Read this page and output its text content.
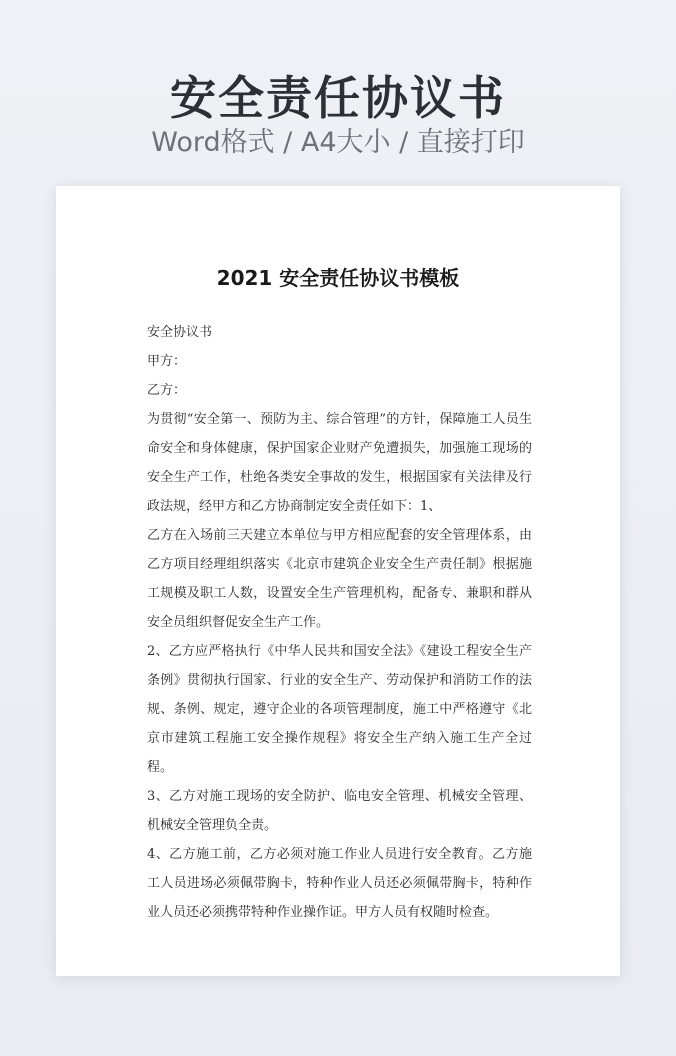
安全责任协议书
Word格式 / A4大小 / 直接打印
2021 安全责任协议书模板

安全协议书

甲方：

乙方：

为贯彻“安全第一、预防为主、综合管理”的方针，保障施工人员生命安全和身体健康，保护国家企业财产免遭损失，加强施工现场的安全生产工作，杜绝各类安全事故的发生，根据国家有关法律及行政法规，经甲方和乙方协商制定安全责任如下：1、

乙方在入场前三天建立本单位与甲方相应配套的安全管理体系，由乙方项目经理组织落实《北京市建筑企业安全生产责任制》根据施工规模及职工人数，设置安全生产管理机构，配备专、兼职和群从安全员组织督促安全生产工作。

2、乙方应严格执行《中华人民共和国安全法》《建设工程安全生产条例》贯彻执行国家、行业的安全生产、劳动保护和消防工作的法规、条例、规定，遵守企业的各项管理制度，施工中严格遵守《北京市建筑工程施工安全操作规程》将安全生产纳入施工生产全过程。

3、乙方对施工现场的安全防护、临电安全管理、机械安全管理、机械安全管理负全责。

4、乙方施工前，乙方必须对施工作业人员进行安全教育。乙方施工人员进场必须佩带胸卡，特种作业人员还必须佩带胸卡，特种作业人员还必须携带特种作业操作证。甲方人员有权随时检查。
